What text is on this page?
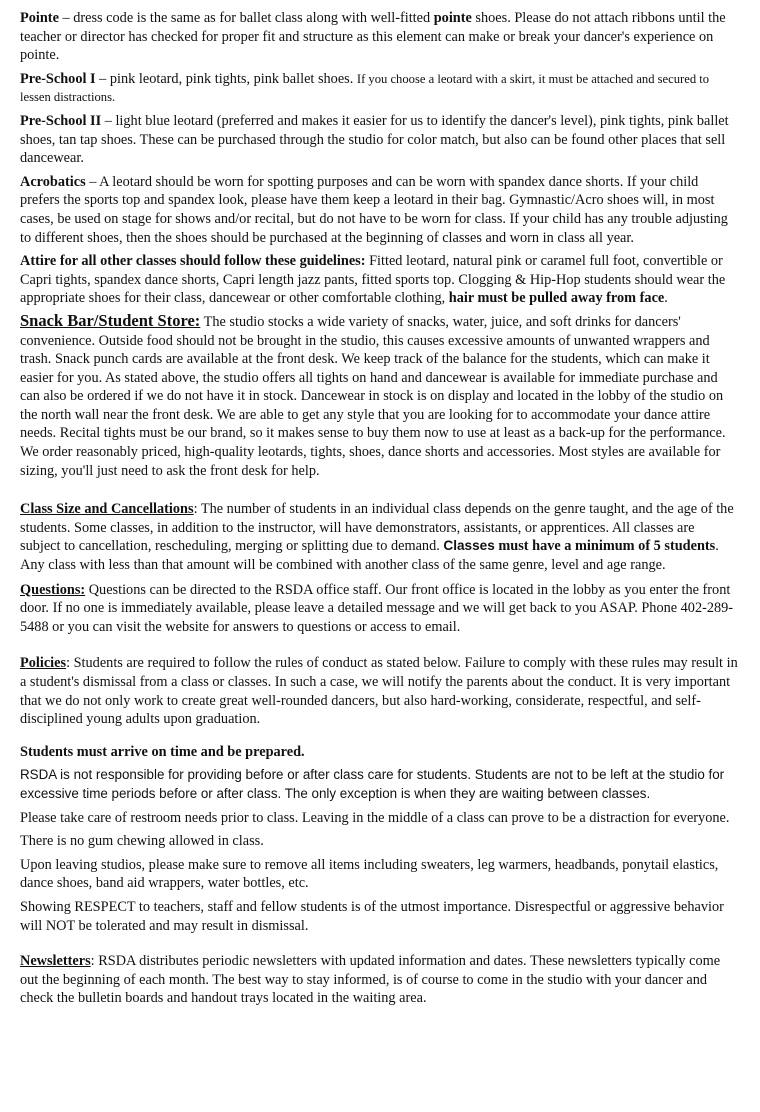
Pointe – dress code is the same as for ballet class along with well-fitted pointe shoes. Please do not attach ribbons until the teacher or director has checked for proper fit and structure as this element can make or break your dancer's experience on pointe.

Pre-School I – pink leotard, pink tights, pink ballet shoes. If you choose a leotard with a skirt, it must be attached and secured to lessen distractions.

Pre-School II – light blue leotard (preferred and makes it easier for us to identify the dancer's level), pink tights, pink ballet shoes, tan tap shoes. These can be purchased through the studio for color match, but also can be found other places that sell dancewear.

Acrobatics – A leotard should be worn for spotting purposes and can be worn with spandex dance shorts. If your child prefers the sports top and spandex look, please have them keep a leotard in their bag. Gymnastic/Acro shoes will, in most cases, be used on stage for shows and/or recital, but do not have to be worn for class. If your child has any trouble adjusting to different shoes, then the shoes should be purchased at the beginning of classes and worn in class all year.

Attire for all other classes should follow these guidelines: Fitted leotard, natural pink or caramel full foot, convertible or Capri tights, spandex dance shorts, Capri length jazz pants, fitted sports top. Clogging & Hip-Hop students should wear the appropriate shoes for their class, dancewear or other comfortable clothing, hair must be pulled away from face.

Snack Bar/Student Store: The studio stocks a wide variety of snacks, water, juice, and soft drinks for dancers' convenience. Outside food should not be brought in the studio, this causes excessive amounts of unwanted wrappers and trash. Snack punch cards are available at the front desk. We keep track of the balance for the students, which can make it easier for you. As stated above, the studio offers all tights on hand and dancewear is available for immediate purchase and can also be ordered if we do not have it in stock. Dancewear in stock is on display and located in the lobby of the studio on the north wall near the front desk. We are able to get any style that you are looking for to accommodate your dance attire needs. Recital tights must be our brand, so it makes sense to buy them now to use at least as a back-up for the performance. We order reasonably priced, high-quality leotards, tights, shoes, dance shorts and accessories. Most styles are available for sizing, you'll just need to ask the front desk for help.

Class Size and Cancellations: The number of students in an individual class depends on the genre taught, and the age of the students. Some classes, in addition to the instructor, will have demonstrators, assistants, or apprentices. All classes are subject to cancellation, rescheduling, merging or splitting due to demand. Classes must have a minimum of 5 students. Any class with less than that amount will be combined with another class of the same genre, level and age range.

Questions: Questions can be directed to the RSDA office staff. Our front office is located in the lobby as you enter the front door. If no one is immediately available, please leave a detailed message and we will get back to you ASAP. Phone 402-289-5488 or you can visit the website for answers to questions or access to email.

Policies: Students are required to follow the rules of conduct as stated below. Failure to comply with these rules may result in a student's dismissal from a class or classes. In such a case, we will notify the parents about the conduct. It is very important that we do not only work to create great well-rounded dancers, but also hard-working, considerate, respectful, and self-disciplined young adults upon graduation.

Students must arrive on time and be prepared.

RSDA is not responsible for providing before or after class care for students. Students are not to be left at the studio for excessive time periods before or after class. The only exception is when they are waiting between classes.

Please take care of restroom needs prior to class. Leaving in the middle of a class can prove to be a distraction for everyone.

There is no gum chewing allowed in class.

Upon leaving studios, please make sure to remove all items including sweaters, leg warmers, headbands, ponytail elastics, dance shoes, band aid wrappers, water bottles, etc.

Showing RESPECT to teachers, staff and fellow students is of the utmost importance. Disrespectful or aggressive behavior will NOT be tolerated and may result in dismissal.

Newsletters: RSDA distributes periodic newsletters with updated information and dates. These newsletters typically come out the beginning of each month. The best way to stay informed, is of course to come in the studio with your dancer and check the bulletin boards and handout trays located in the waiting area.
